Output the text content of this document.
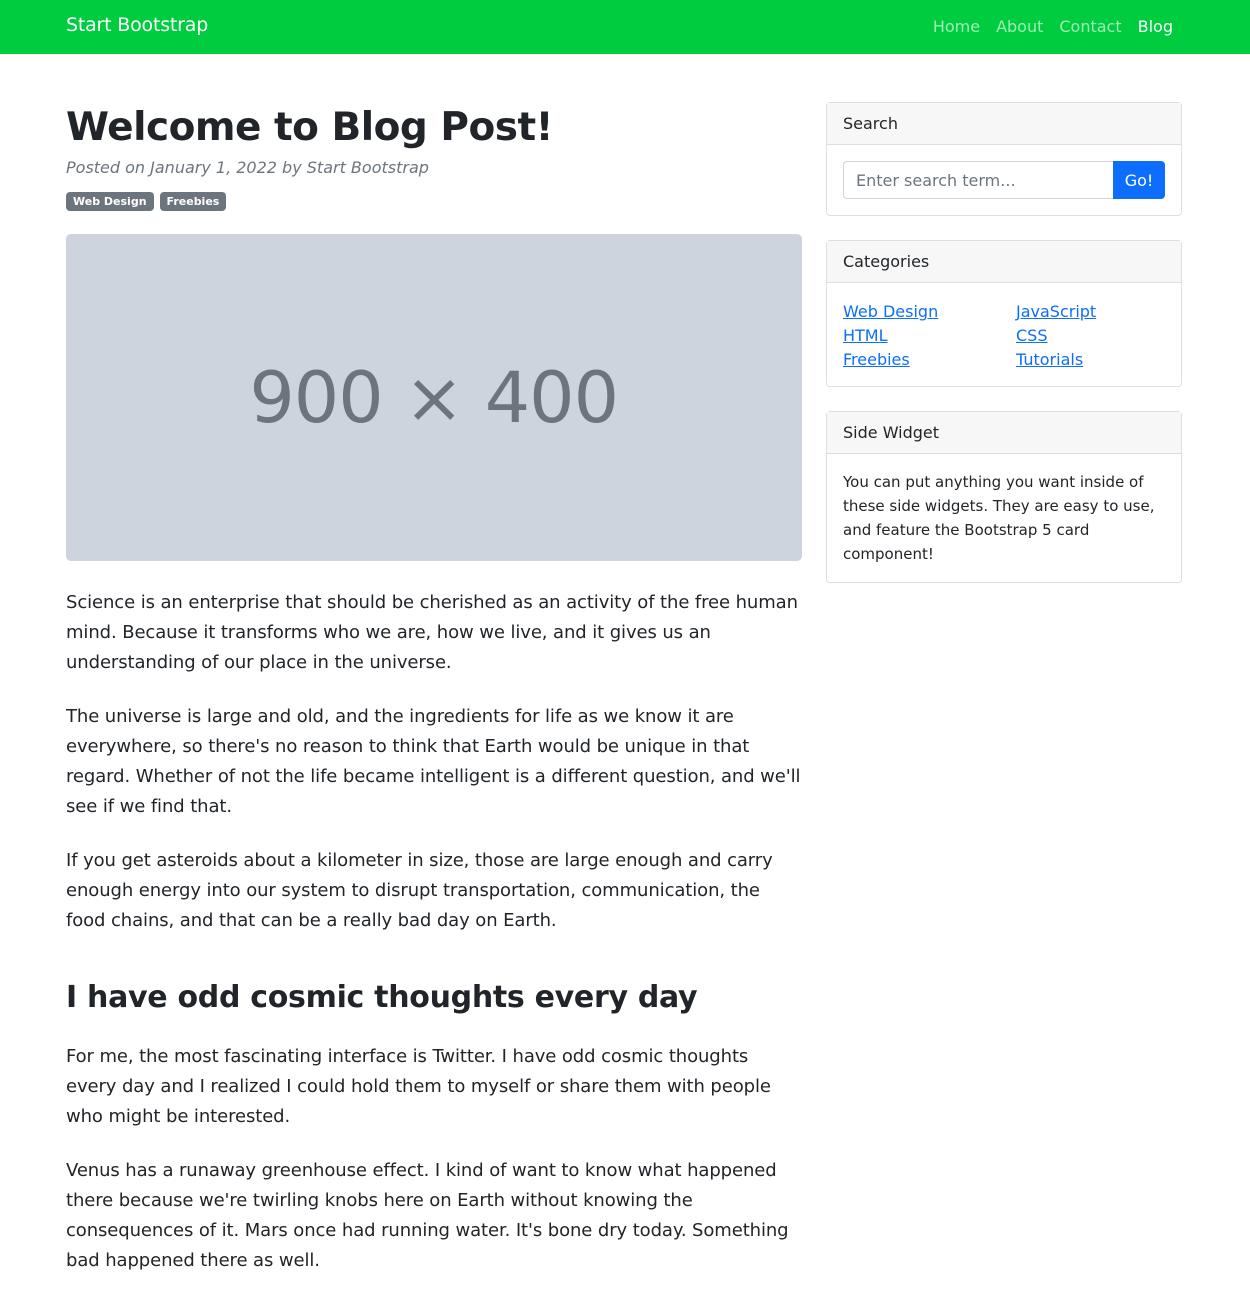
Start Bootstrap	Home About Contact Blog
Welcome to Blog Post!
Posted on January 1, 2022 by Start Bootstrap
Web Design	Freebies
900 × 400

Science is an enterprise that should be cherished as an activity of the free human mind. Because it transforms who we are, how we live, and it gives us an understanding of our place in the universe.

The universe is large and old, and the ingredients for life as we know it are everywhere, so there's no reason to think that Earth would be unique in that regard. Whether of not the life became intelligent is a different question, and we'll see if we find that.

If you get asteroids about a kilometer in size, those are large enough and carry enough energy into our system to disrupt transportation, communication, the food chains, and that can be a really bad day on Earth.

I have odd cosmic thoughts every day

For me, the most fascinating interface is Twitter. I have odd cosmic thoughts every day and I realized I could hold them to myself or share them with people who might be interested.

Venus has a runaway greenhouse effect. I kind of want to know what happened there because we're twirling knobs here on Earth without knowing the consequences of it. Mars once had running water. It's bone dry today. Something bad happened there as well.

Search
Enter search term...
Go!
Categories
Web Design	JavaScript
HTML	CSS
Freebies	Tutorials
Side Widget

You can put anything you want inside of these side widgets. They are easy to use, and feature the Bootstrap 5 card component!
